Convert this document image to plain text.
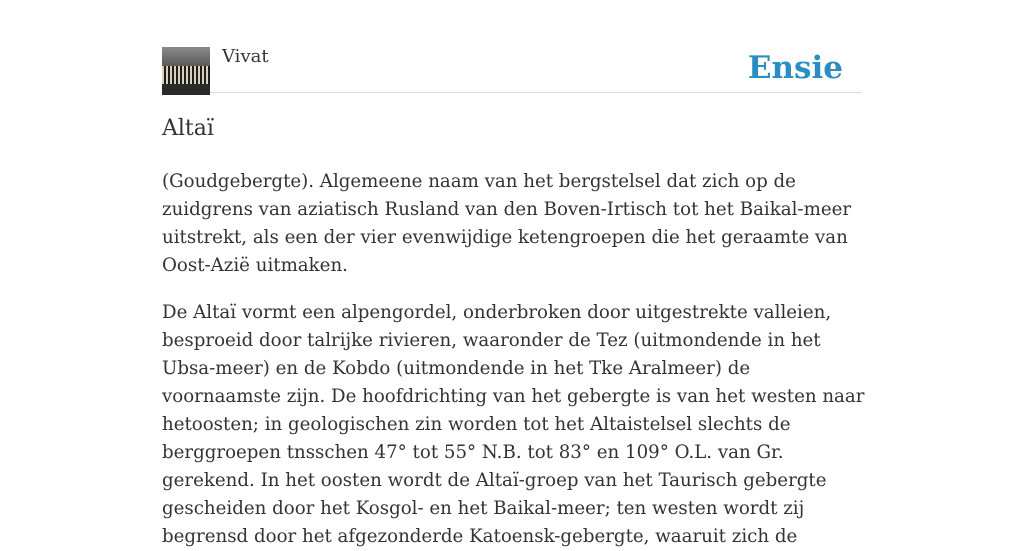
Vivat	Ensie
Altaï

(Goudgebergte). Algemeene naam van het bergstelsel dat zich op de zuidgrens van aziatisch Rusland van den Boven-Irtisch tot het Baikal-meer uitstrekt, als een der vier evenwijdige ketengroepen die het geraamte van Oost-Azië uitmaken.

De Altaï vormt een alpengordel, onderbroken door uitgestrekte valleien, besproeid door talrijke rivieren, waaronder de Tez (uitmondende in het Ubsa-meer) en de Kobdo (uitmondende in het Tke Aralmeer) de voornaamste zijn. De hoofdrichting van het gebergte is van het westen naar hetoosten; in geologischen zin worden tot het Altaistelsel slechts de berggroepen tnsschen 47° tot 55° N.B. tot 83° en 109° O.L. van Gr. gerekend. In het oosten wordt de Altaï-groep van het Taurisch gebergte gescheiden door het Kosgol- en het Baikal-meer; ten westen wordt zij begrensd door het afgezonderde Katoensk-gebergte, waaruit zich de
